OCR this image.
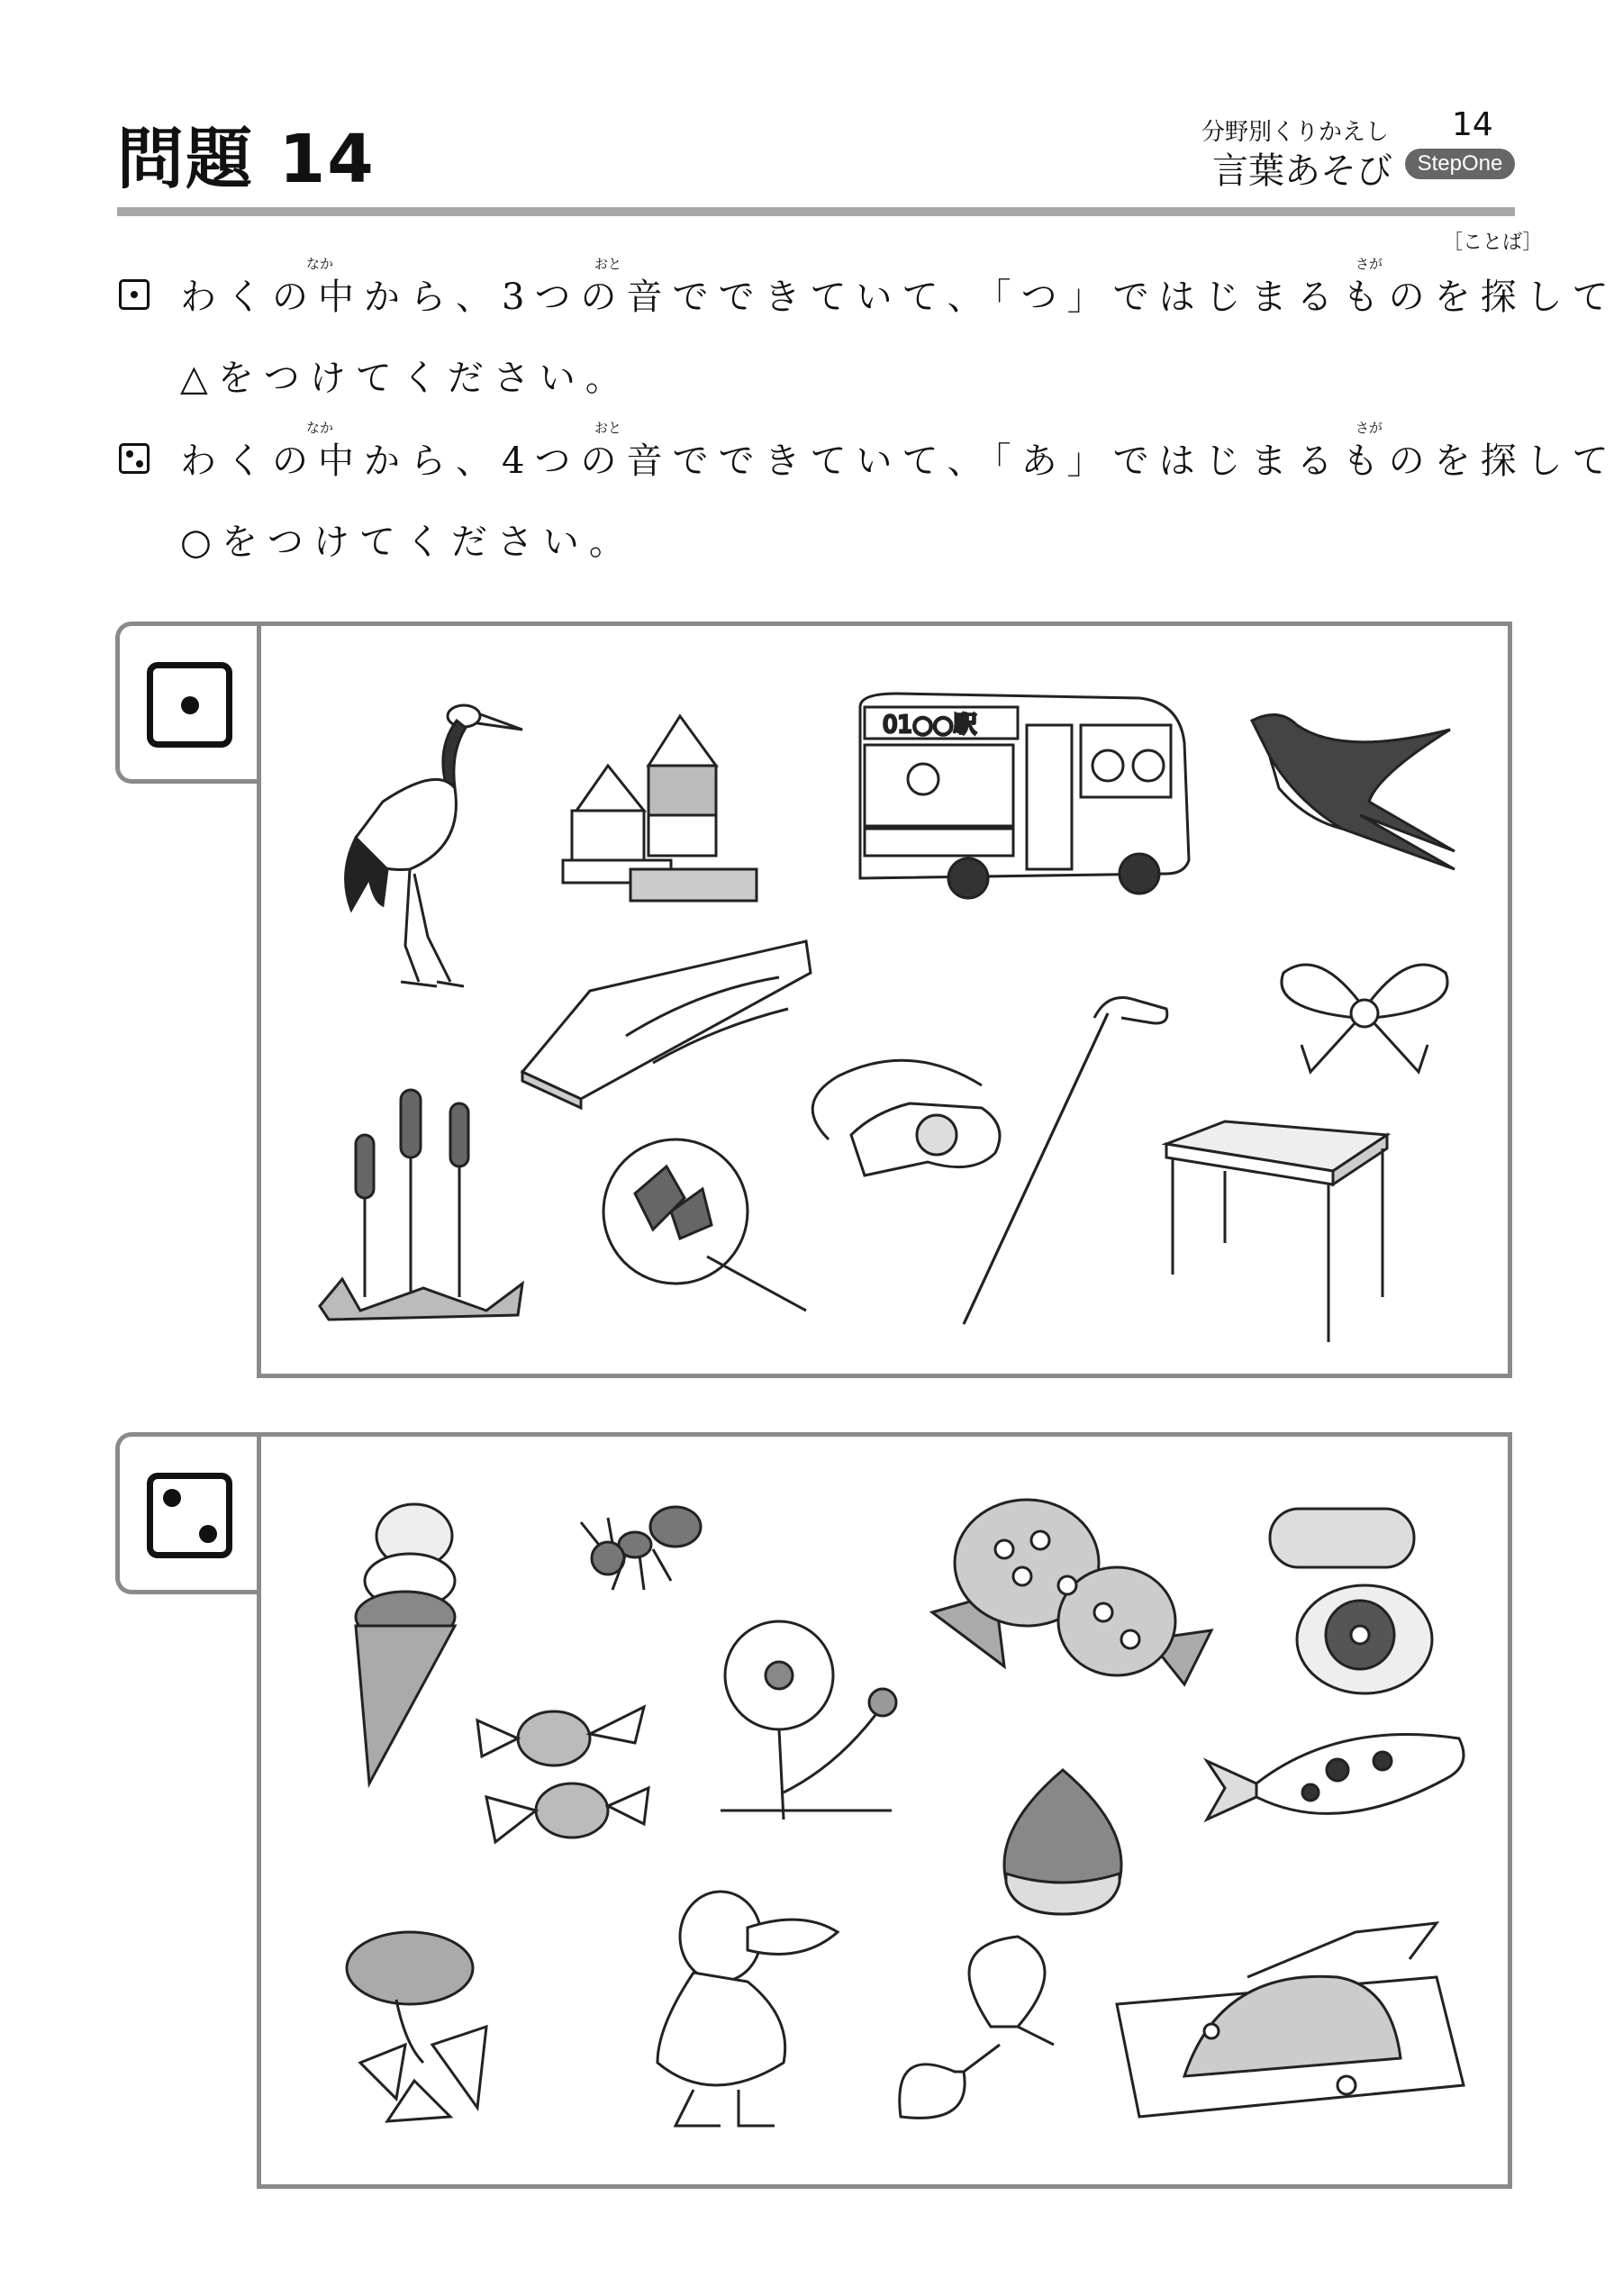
問題 14	分野別くりかえし 14
言葉あそび	StepOne
［ことば］
なか	おと	さが
わくの中から、3つの音でできていて、「つ」ではじまるものを探して
△をつけてください。
なか	おと	さが
わくの中から、4つの音でできていて、「あ」ではじまるものを探して
○をつけてください。
01○○駅
